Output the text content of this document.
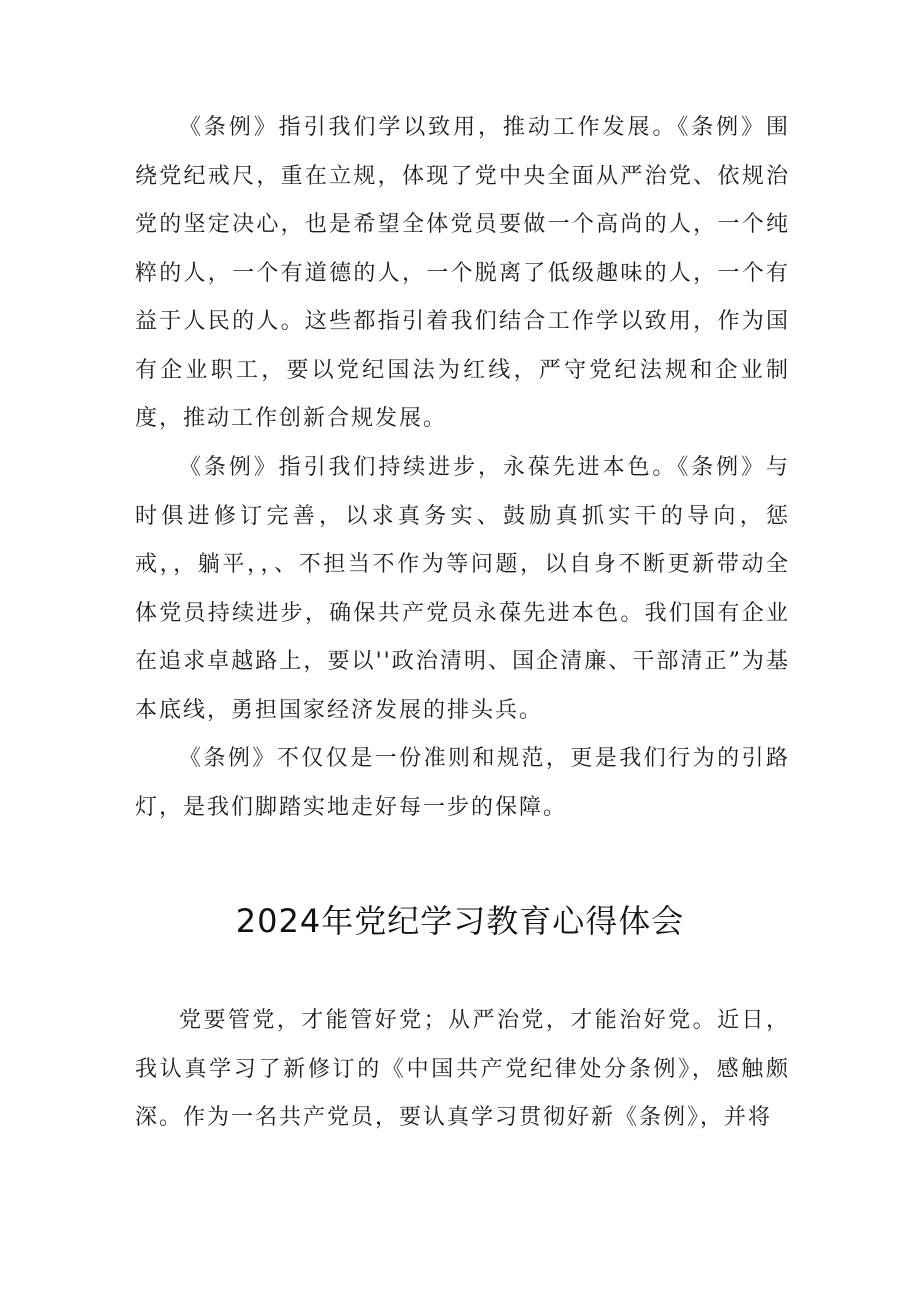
《条例》指引我们学以致用，推动工作发展。《条例》围绕党纪戒尺，重在立规，体现了党中央全面从严治党、依规治党的坚定决心，也是希望全体党员要做一个高尚的人，一个纯粹的人，一个有道德的人，一个脱离了低级趣味的人，一个有益于人民的人。这些都指引着我们结合工作学以致用，作为国有企业职工，要以党纪国法为红线，严守党纪法规和企业制度，推动工作创新合规发展。

《条例》指引我们持续进步，永葆先进本色。《条例》与时俱进修订完善，以求真务实、鼓励真抓实干的导向，惩戒，，躺平，，、不担当不作为等问题，以自身不断更新带动全体党员持续进步，确保共产党员永葆先进本色。我们国有企业在追求卓越路上，要以''政治清明、国企清廉、干部清正”为基本底线，勇担国家经济发展的排头兵。

《条例》不仅仅是一份准则和规范，更是我们行为的引路灯，是我们脚踏实地走好每一步的保障。

2024年党纪学习教育心得体会

党要管党，才能管好党；从严治党，才能治好党。近日，我认真学习了新修订的《中国共产党纪律处分条例》，感触颇深。作为一名共产党员，要认真学习贯彻好新《条例》，并将
